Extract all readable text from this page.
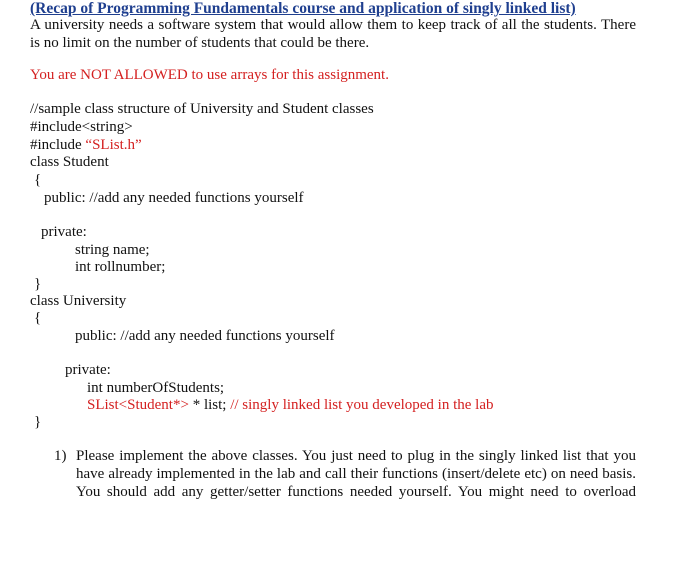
(Recap of Programming Fundamentals course and application of singly linked list)
A university needs a software system that would allow them to keep track of all the students. There
is no limit on the number of students that could be there.
You are NOT ALLOWED to use arrays for this assignment.
//sample class structure of University and Student classes
#include<string>
#include “SList.h”
class Student
{
public: //add any needed functions yourself
private:
string name;
int rollnumber;
}
class University
{
public: //add any needed functions yourself
private:
int numberOfStudents;
SList<Student*> * list; // singly linked list you developed in the lab
}
1) Please implement the above classes. You just need to plug in the singly linked list that you
have already implemented in the lab and call their functions (insert/delete etc) on need basis.
You should add any getter/setter functions needed yourself. You might need to overload
